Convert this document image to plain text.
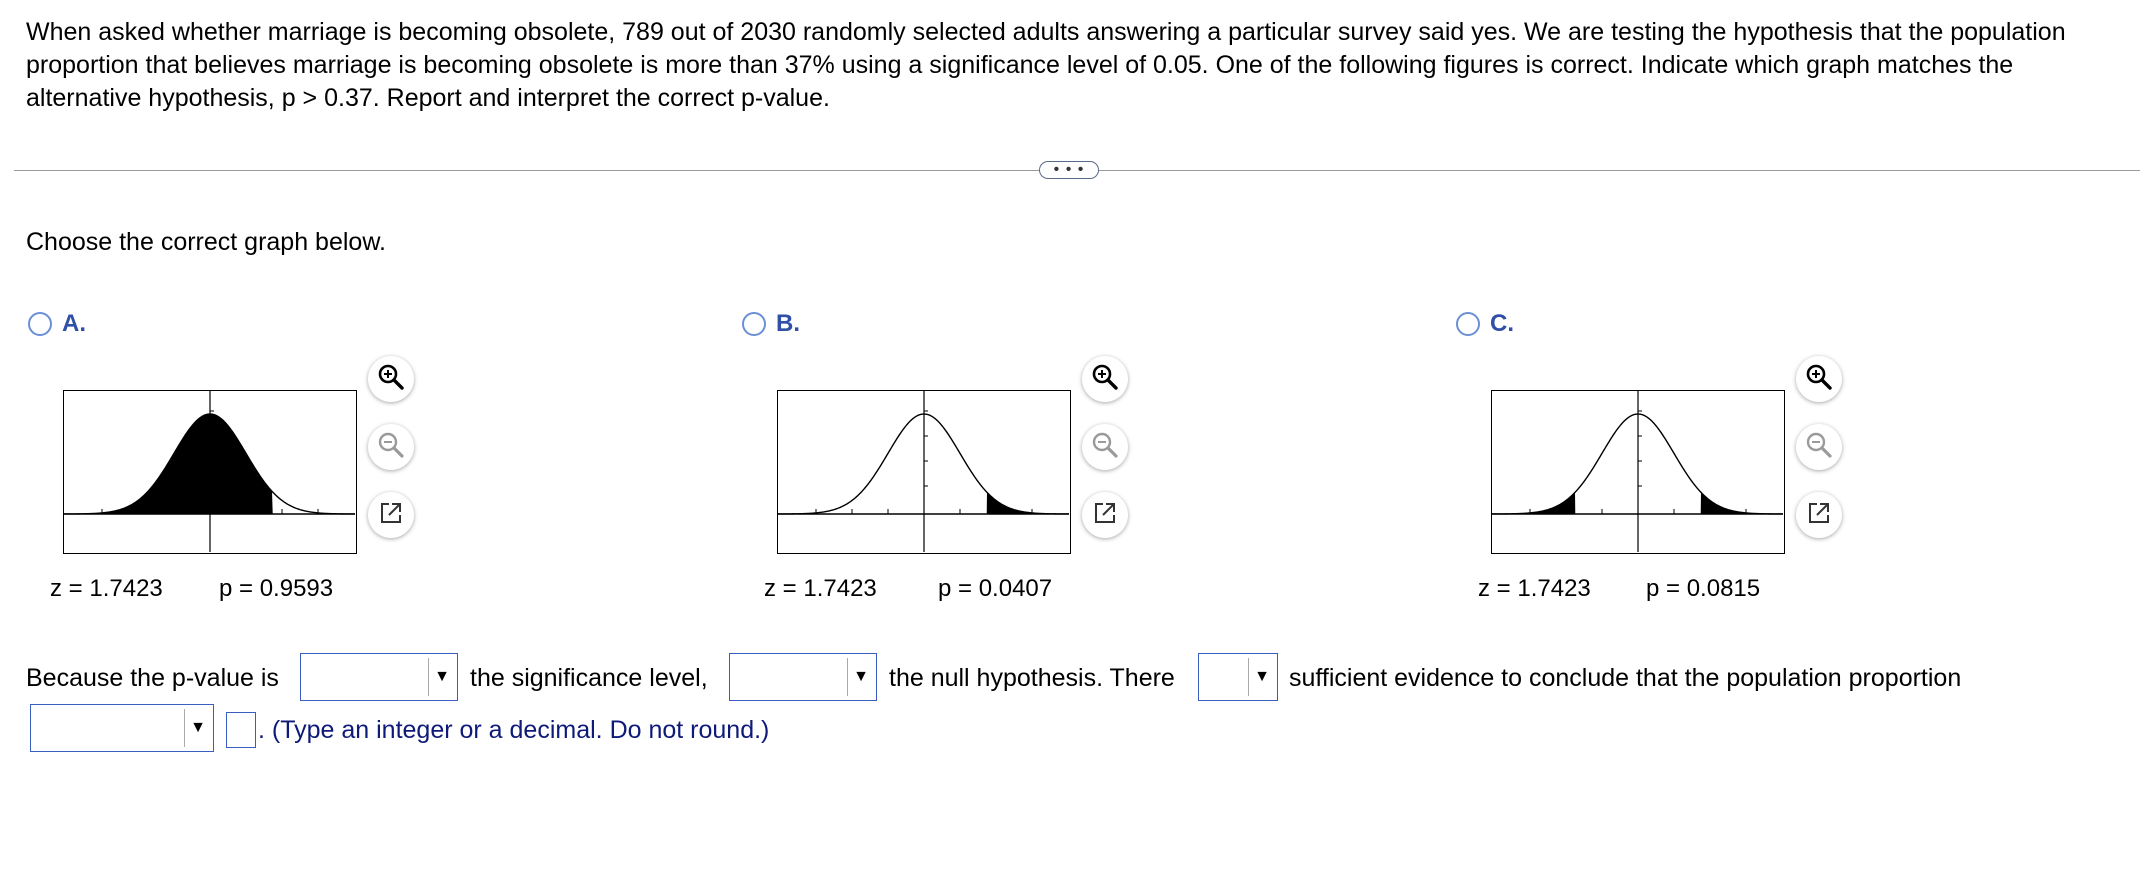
When asked whether marriage is becoming obsolete, 789 out of 2030 randomly selected adults answering a particular survey said yes. We are testing the hypothesis that the population proportion that believes marriage is becoming obsolete is more than 37% using a significance level of 0.05. One of the following figures is correct. Indicate which graph matches the alternative hypothesis, p > 0.37. Report and interpret the correct p-value.

• • •
Choose the correct graph below.
A.
z = 1.7423 p = 0.9593
B.
z = 1.7423	p = 0.0407
C.
z = 1.7423 p = 0.0815
Because the p-value is	▼ the significance level,	▼ the null hypothesis. There	▼ sufficient evidence to conclude that the population proportion
▼ . (Type an integer or a decimal. Do not round.)
